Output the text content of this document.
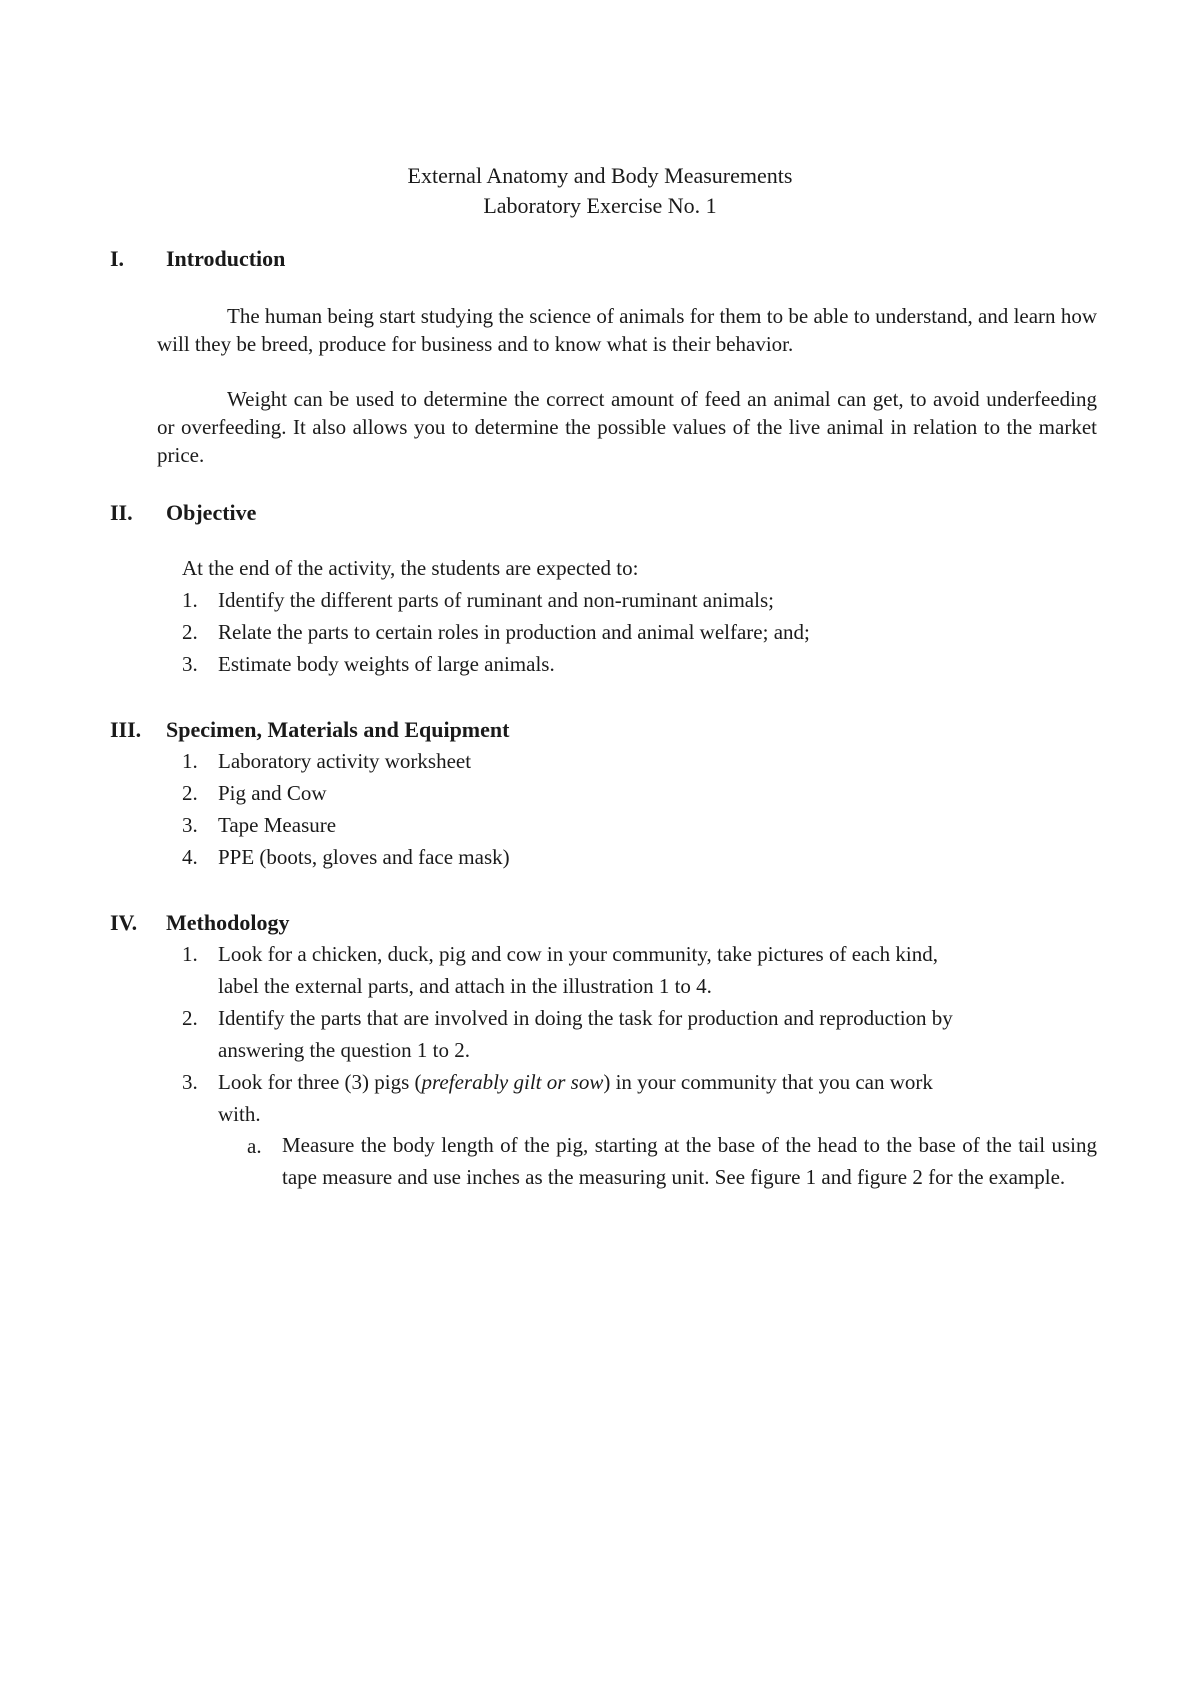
External Anatomy and Body Measurements
Laboratory Exercise No. 1
I. Introduction
The human being start studying the science of animals for them to be able to understand, and learn how will they be breed, produce for business and to know what is their behavior.
Weight can be used to determine the correct amount of feed an animal can get, to avoid underfeeding or overfeeding. It also allows you to determine the possible values of the live animal in relation to the market price.
II. Objective
At the end of the activity, the students are expected to:
1. Identify the different parts of ruminant and non-ruminant animals;
2. Relate the parts to certain roles in production and animal welfare; and;
3. Estimate body weights of large animals.
III. Specimen, Materials and Equipment
1. Laboratory activity worksheet
2. Pig and Cow
3. Tape Measure
4. PPE (boots, gloves and face mask)
IV. Methodology
1. Look for a chicken, duck, pig and cow in your community, take pictures of each kind,
label the external parts, and attach in the illustration 1 to 4.
2. Identify the parts that are involved in doing the task for production and reproduction by
answering the question 1 to 2.
3. Look for three (3) pigs (preferably gilt or sow) in your community that you can work
with.
a. Measure the body length of the pig, starting at the base of the head to the base of the tail using tape measure and use inches as the measuring unit. See figure 1 and figure 2 for the example.
